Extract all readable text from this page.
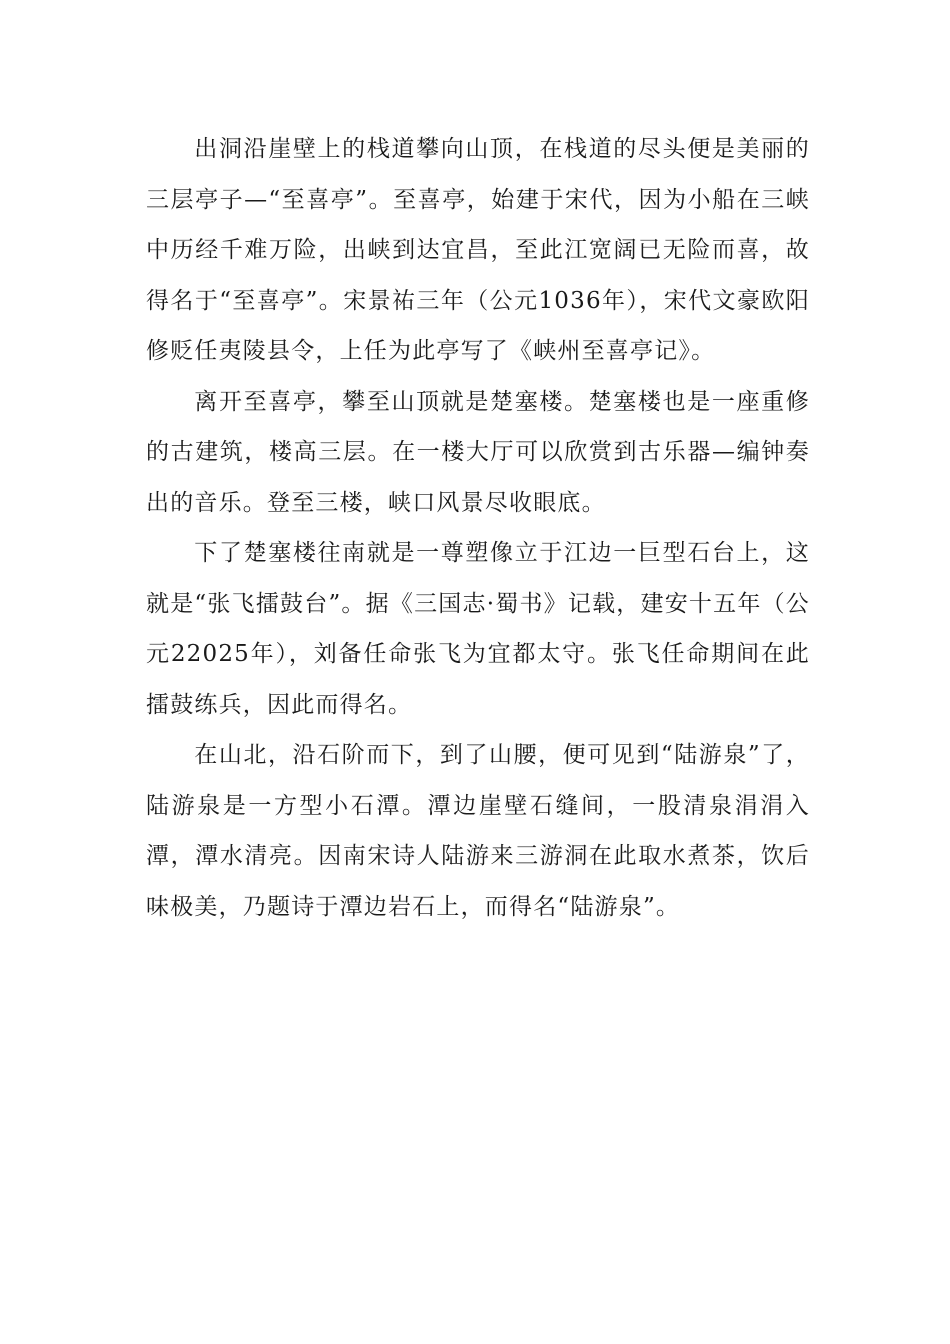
出洞沿崖壁上的栈道攀向山顶，在栈道的尽头便是美丽的三层亭子—“至喜亭”。至喜亭，始建于宋代，因为小船在三峡中历经千难万险，出峡到达宜昌，至此江宽阔已无险而喜，故得名于“至喜亭”。宋景祐三年（公元1036年），宋代文豪欧阳修贬任夷陵县令，上任为此亭写了《峡州至喜亭记》。

离开至喜亭，攀至山顶就是楚塞楼。楚塞楼也是一座重修的古建筑，楼高三层。在一楼大厅可以欣赏到古乐器—编钟奏出的音乐。登至三楼，峡口风景尽收眼底。

下了楚塞楼往南就是一尊塑像立于江边一巨型石台上，这就是“张飞擂鼓台”。据《三国志·蜀书》记载，建安十五年（公元22025年），刘备任命张飞为宜都太守。张飞任命期间在此擂鼓练兵，因此而得名。

在山北，沿石阶而下，到了山腰，便可见到“陆游泉”了，陆游泉是一方型小石潭。潭边崖壁石缝间，一股清泉涓涓入潭，潭水清亮。因南宋诗人陆游来三游洞在此取水煮茶，饮后味极美，乃题诗于潭边岩石上，而得名“陆游泉”。
